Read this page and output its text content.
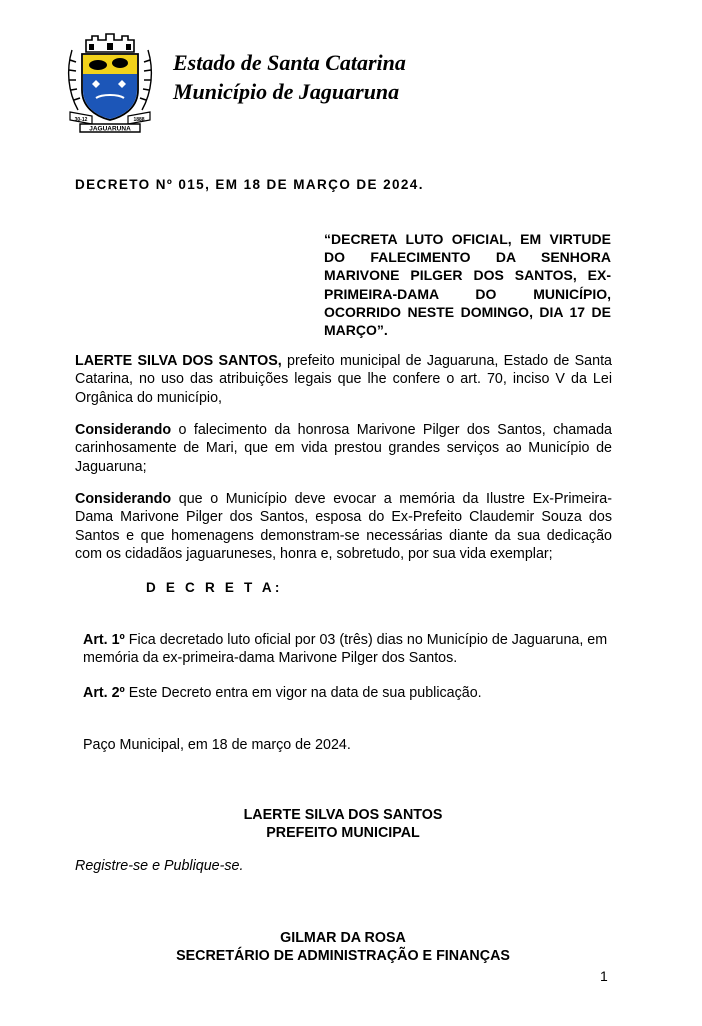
30-12	1888
JAGUARUNA
Estado de Santa Catarina
Município de Jaguaruna
DECRETO Nº 015, EM 18 DE MARÇO DE 2024.
“DECRETA LUTO OFICIAL, EM VIRTUDE DO FALECIMENTO DA SENHORA MARIVONE PILGER DOS SANTOS, EX-PRIMEIRA-DAMA DO MUNICÍPIO, OCORRIDO NESTE DOMINGO, DIA 17 DE MARÇO”.
LAERTE SILVA DOS SANTOS, prefeito municipal de Jaguaruna, Estado de Santa Catarina, no uso das atribuições legais que lhe confere o art. 70, inciso V da Lei Orgânica do município,
Considerando o falecimento da honrosa Marivone Pilger dos Santos, chamada carinhosamente de Mari, que em vida prestou grandes serviços ao Município de Jaguaruna;
Considerando que o Município deve evocar a memória da Ilustre Ex-Primeira-Dama Marivone Pilger dos Santos, esposa do Ex-Prefeito Claudemir Souza dos Santos e que homenagens demonstram-se necessárias diante da sua dedicação com os cidadãos jaguaruneses, honra e, sobretudo, por sua vida exemplar;
D E C R E T A:
Art. 1º Fica decretado luto oficial por 03 (três) dias no Município de Jaguaruna, em memória da ex-primeira-dama Marivone Pilger dos Santos.
Art. 2º Este Decreto entra em vigor na data de sua publicação.
Paço Municipal, em 18 de março de 2024.
LAERTE SILVA DOS SANTOS
PREFEITO MUNICIPAL
Registre-se e Publique-se.
GILMAR DA ROSA
SECRETÁRIO DE ADMINISTRAÇÃO E FINANÇAS
1
